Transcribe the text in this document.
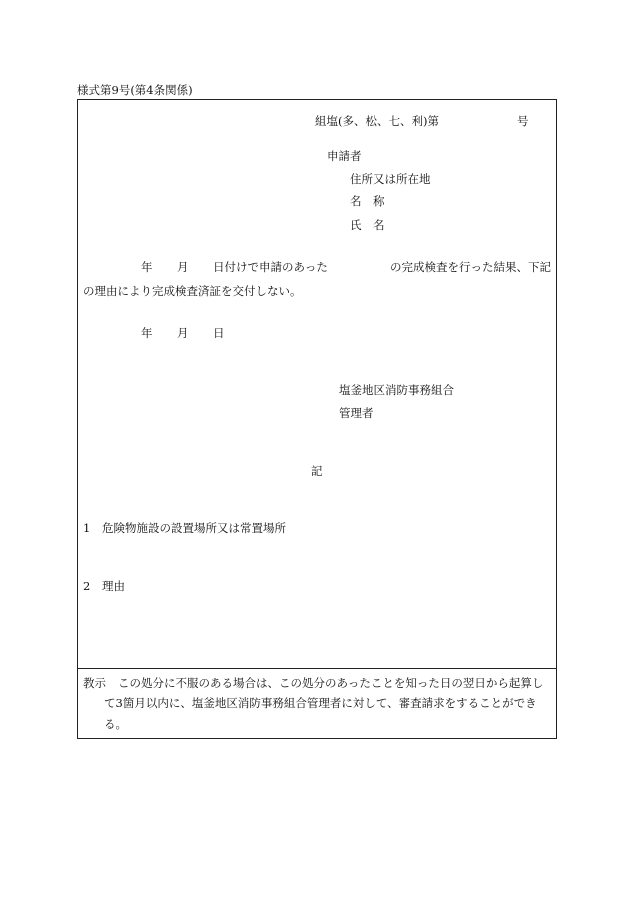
様式第9号(第4条関係)
組塩(多、松、七、利)第	号
申請者
住所又は所在地
名　称
氏　名
年 月 日付けで申請のあった	の完成検査を行った結果、下記
の理由により完成検査済証を交付しない。
年 月 日
塩釜地区消防事務組合
管理者
記
1 危険物施設の設置場所又は常置場所
2 理由
教示 この処分に不服のある場合は、この処分のあったことを知った日の翌日から起算し
て3箇月以内に、塩釜地区消防事務組合管理者に対して、審査請求をすることができ
る。
